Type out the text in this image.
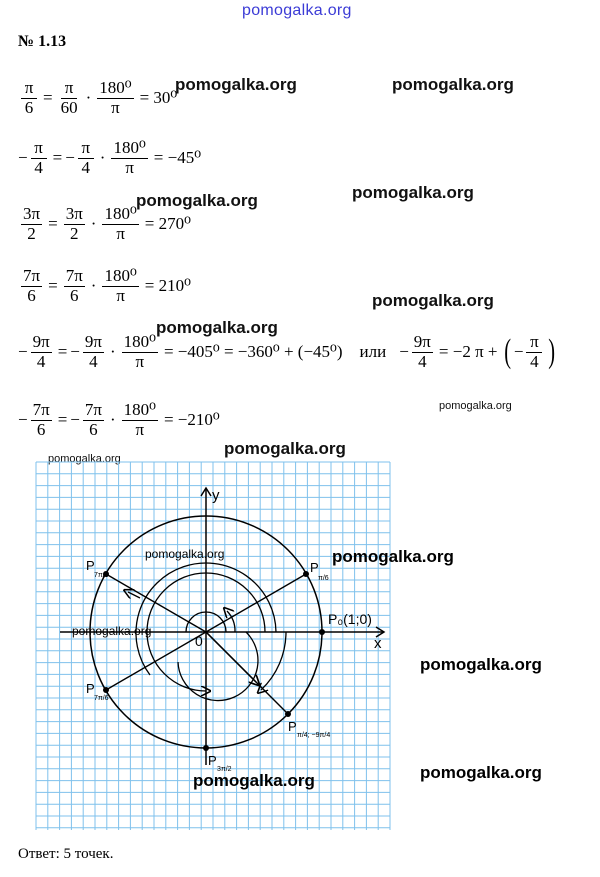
pomogalka.org
№ 1.13
pomogalka.org	pomogalka.org
pomogalka.org
pomogalka.org
pomogalka.org
pomogalka.org
pomogalka.org
pomogalka.org
pomogalka.org
$\frac{\pi}{6} = \frac{\pi}{60} \cdot \frac{\text{180⁰}}{\pi} = 30^0$
− $\frac{\pi}{4}$ = − $\frac{\pi}{4} \cdot \frac{\text{180⁰}}{\pi} = -45^0$
$\frac{3\pi}{2} = \frac{3\pi}{2} \cdot \frac{\text{180⁰}}{\pi} = 270^0$
$\frac{7\pi}{6} = \frac{7\pi}{6} \cdot \frac{\text{180⁰}}{\pi} = 210^0$
− $\frac{9\pi}{4}$ = − $\frac{9\pi}{4} \cdot \frac{\text{180⁰}}{\pi} = -405^0 = -360^0 + (-45^0)$ или − $\frac{9\pi}{4} = -2$ π + ( − $\frac{\pi}{4}$ )
− $\frac{7\pi}{6}$ = − $\frac{7\pi}{6} \cdot \frac{\text{180⁰}}{\pi} = -210^0$
x
y
0
P₀(1;0)
P
π/6
P
7π/6
P
7π/6
P
π/4; −9π/4
P
3π/2
pomogalka.org
pomogalka.org
pomogalka.org
pomogalka.org
pomogalka.org
pomogalka.org
Ответ: 5 точек.
